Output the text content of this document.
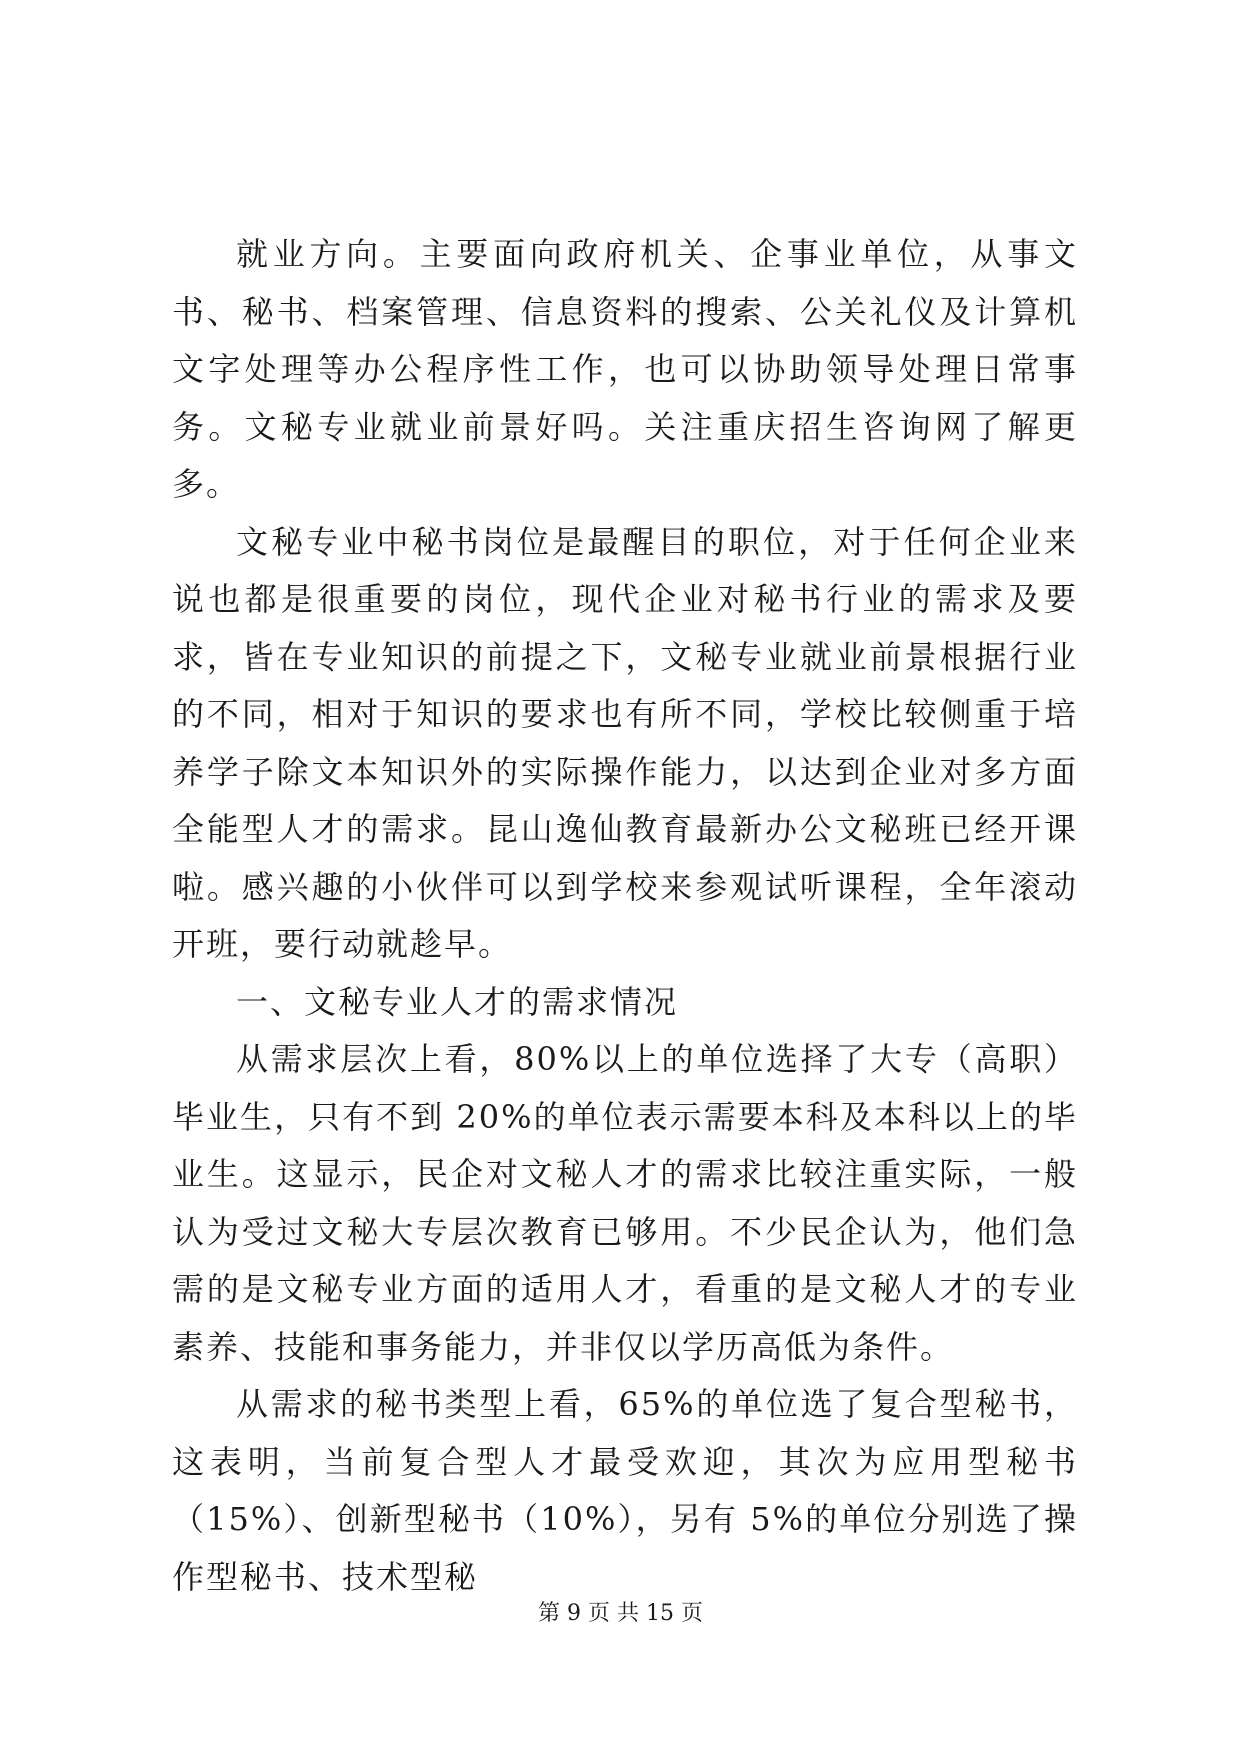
就业方向。主要面向政府机关、企事业单位，从事文书、秘书、档案管理、信息资料的搜索、公关礼仪及计算机文字处理等办公程序性工作，也可以协助领导处理日常事务。文秘专业就业前景好吗。关注重庆招生咨询网了解更多。

文秘专业中秘书岗位是最醒目的职位，对于任何企业来说也都是很重要的岗位，现代企业对秘书行业的需求及要求，皆在专业知识的前提之下，文秘专业就业前景根据行业的不同，相对于知识的要求也有所不同，学校比较侧重于培养学子除文本知识外的实际操作能力，以达到企业对多方面全能型人才的需求。昆山逸仙教育最新办公文秘班已经开课啦。感兴趣的小伙伴可以到学校来参观试听课程，全年滚动开班，要行动就趁早。

一、文秘专业人才的需求情况

从需求层次上看，80%以上的单位选择了大专（高职）毕业生，只有不到 20%的单位表示需要本科及本科以上的毕业生。这显示，民企对文秘人才的需求比较注重实际，一般认为受过文秘大专层次教育已够用。不少民企认为，他们急需的是文秘专业方面的适用人才，看重的是文秘人才的专业素养、技能和事务能力，并非仅以学历高低为条件。

从需求的秘书类型上看，65%的单位选了复合型秘书，这表明，当前复合型人才最受欢迎，其次为应用型秘书（15%）、创新型秘书（10%），另有 5%的单位分别选了操作型秘书、技术型秘

第 9 页 共 15 页
